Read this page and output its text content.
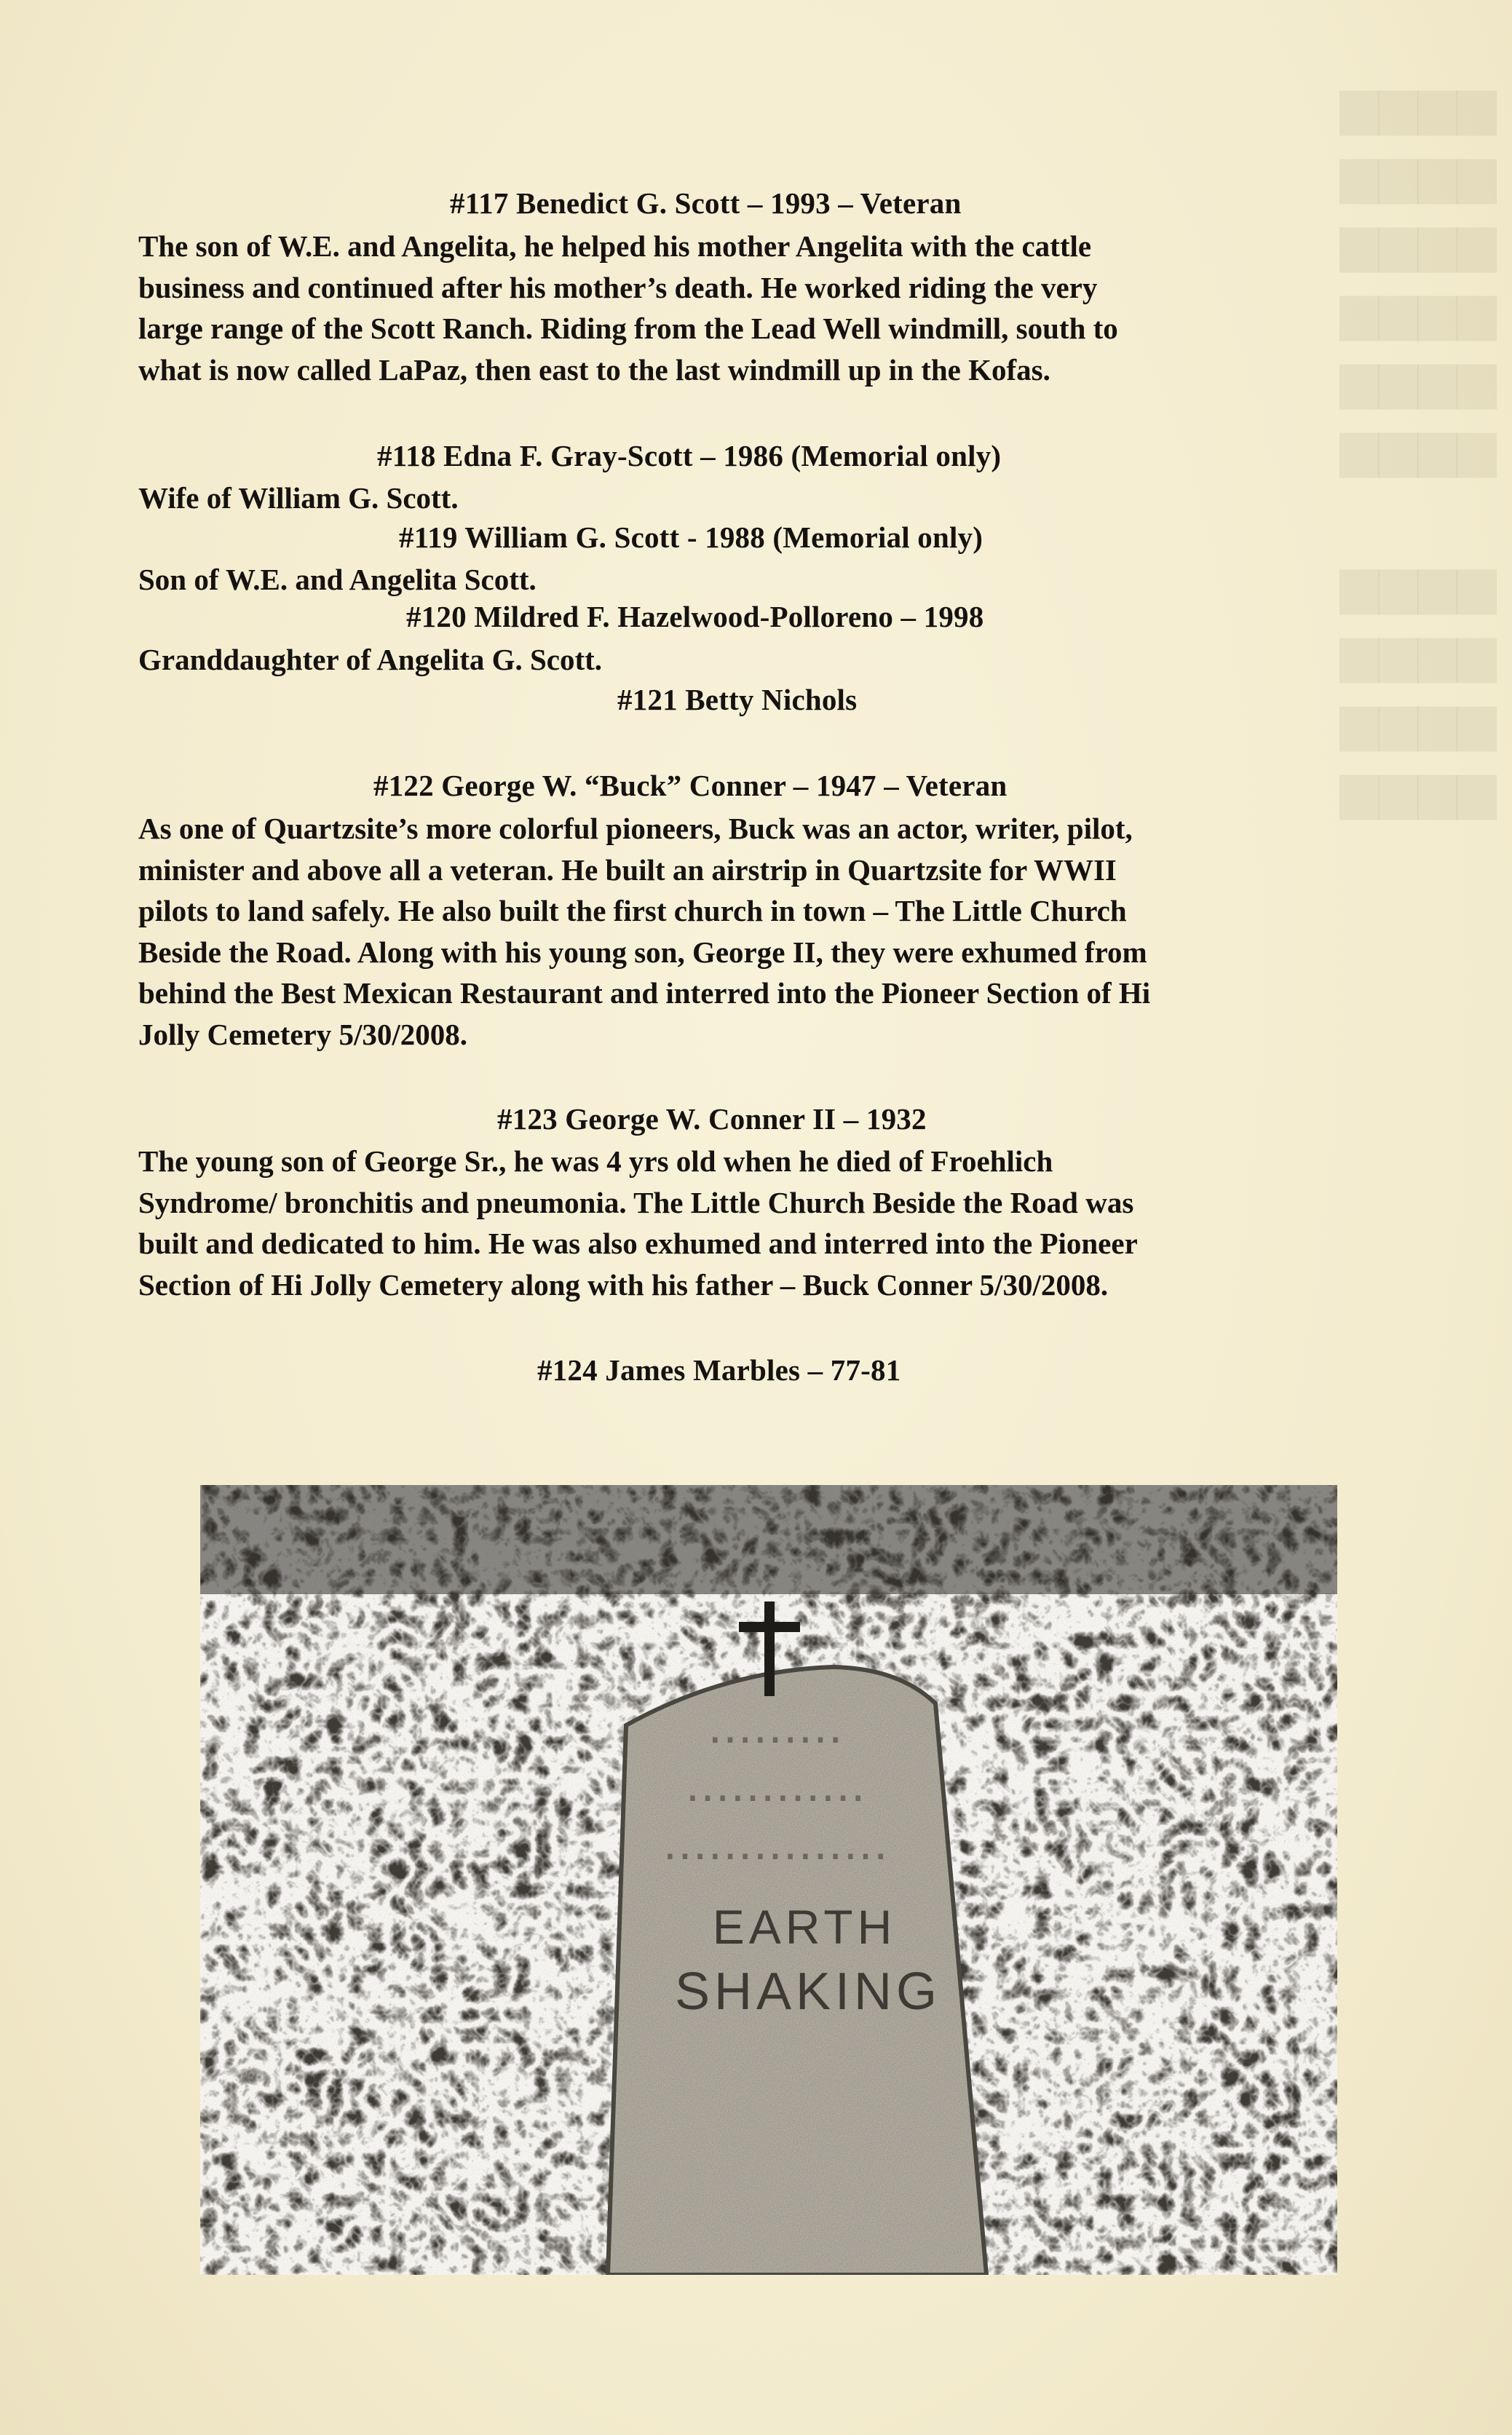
▆▆▆▆
▆▆▆▆
▆▆▆▆
▆▆▆▆
▆▆▆▆
▆▆▆▆

▆▆▆▆
▆▆▆▆
▆▆▆▆
▆▆▆▆
#117 Benedict G. Scott – 1993 – Veteran
The son of W.E. and Angelita, he helped his mother Angelita with the cattle
business and continued after his mother’s death. He worked riding the very
large range of the Scott Ranch. Riding from the Lead Well windmill, south to
what is now called LaPaz, then east to the last windmill up in the Kofas.
#118 Edna F. Gray-Scott – 1986 (Memorial only)
Wife of William G. Scott.
#119 William G. Scott - 1988 (Memorial only)
Son of W.E. and Angelita Scott.
#120 Mildred F. Hazelwood-Polloreno – 1998
Granddaughter of Angelita G. Scott.
#121 Betty Nichols
#122 George W. “Buck” Conner – 1947 – Veteran
As one of Quartzsite’s more colorful pioneers, Buck was an actor, writer, pilot,
minister and above all a veteran. He built an airstrip in Quartzsite for WWII
pilots to land safely. He also built the first church in town – The Little Church
Beside the Road. Along with his young son, George II, they were exhumed from
behind the Best Mexican Restaurant and interred into the Pioneer Section of Hi
Jolly Cemetery 5/30/2008.
#123 George W. Conner II – 1932
The young son of George Sr., he was 4 yrs old when he died of Froehlich
Syndrome/ bronchitis and pneumonia. The Little Church Beside the Road was
built and dedicated to him. He was also exhumed and interred into the Pioneer
Section of Hi Jolly Cemetery along with his father – Buck Conner 5/30/2008.
#124 James Marbles – 77-81
⋯⋯⋯
⋯⋯⋯⋯
⋯⋯⋯⋯⋯
EARTH
SHAKING
